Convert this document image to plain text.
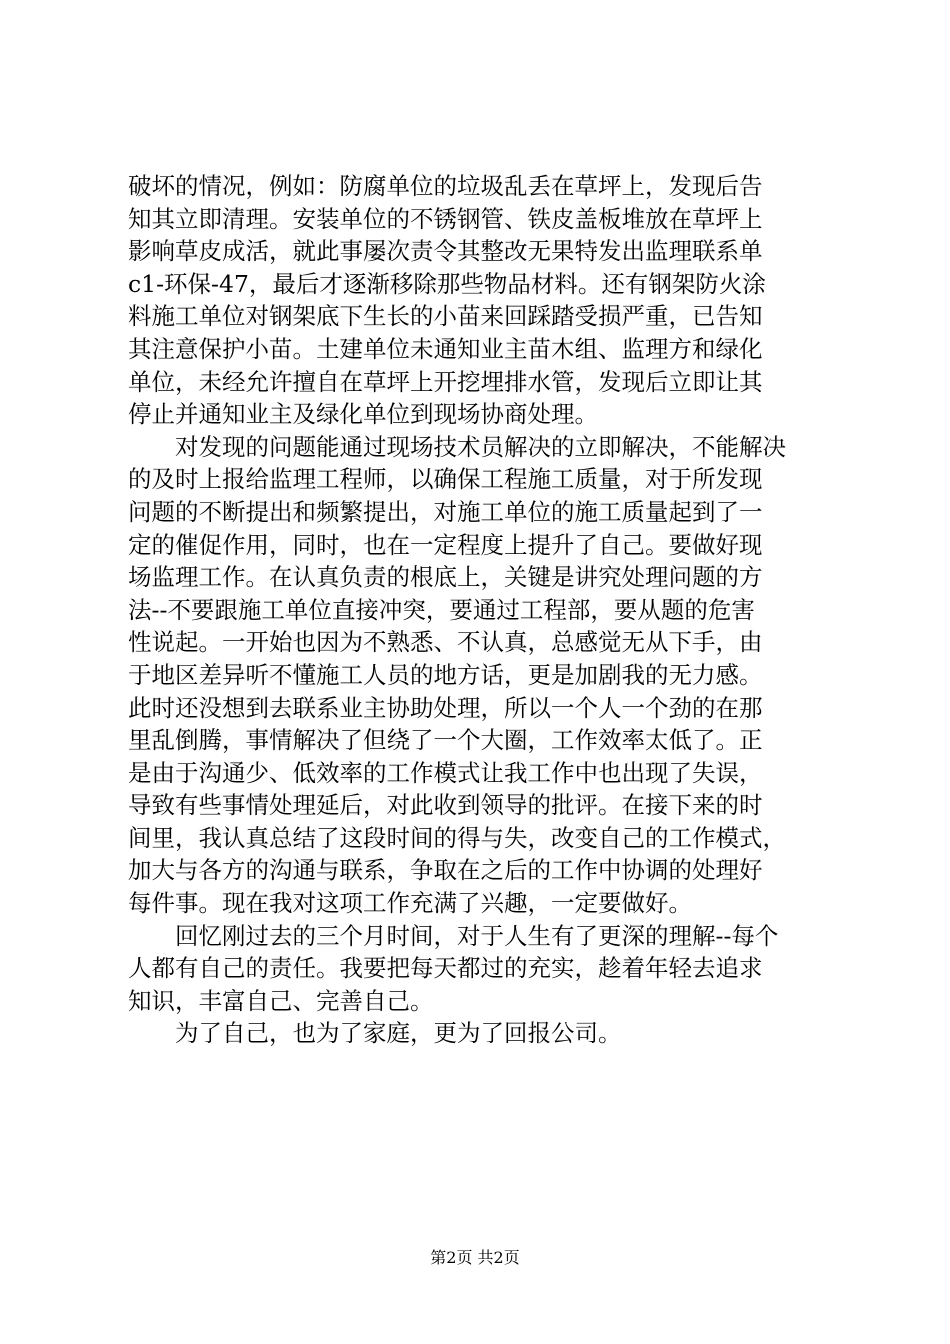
破坏的情况，例如：防腐单位的垃圾乱丢在草坪上，发现后告
知其立即清理。安装单位的不锈钢管、铁皮盖板堆放在草坪上
影响草皮成活，就此事屡次责令其整改无果特发出监理联系单
c1-环保-47，最后才逐渐移除那些物品材料。还有钢架防火涂
料施工单位对钢架底下生长的小苗来回踩踏受损严重，已告知
其注意保护小苗。土建单位未通知业主苗木组、监理方和绿化
单位，未经允许擅自在草坪上开挖埋排水管，发现后立即让其
停止并通知业主及绿化单位到现场协商处理。
　　对发现的问题能通过现场技术员解决的立即解决，不能解决
的及时上报给监理工程师，以确保工程施工质量，对于所发现
问题的不断提出和频繁提出，对施工单位的施工质量起到了一
定的催促作用，同时，也在一定程度上提升了自己。要做好现
场监理工作。在认真负责的根底上，关键是讲究处理问题的方
法--不要跟施工单位直接冲突，要通过工程部，要从题的危害
性说起。一开始也因为不熟悉、不认真，总感觉无从下手，由
于地区差异听不懂施工人员的地方话，更是加剧我的无力感。
此时还没想到去联系业主协助处理，所以一个人一个劲的在那
里乱倒腾，事情解决了但绕了一个大圈，工作效率太低了。正
是由于沟通少、低效率的工作模式让我工作中也出现了失误，
导致有些事情处理延后，对此收到领导的批评。在接下来的时
间里，我认真总结了这段时间的得与失，改变自己的工作模式，
加大与各方的沟通与联系，争取在之后的工作中协调的处理好
每件事。现在我对这项工作充满了兴趣，一定要做好。
　　回忆刚过去的三个月时间，对于人生有了更深的理解--每个
人都有自己的责任。我要把每天都过的充实，趁着年轻去追求
知识，丰富自己、完善自己。
　　为了自己，也为了家庭，更为了回报公司。
第2页 共2页
